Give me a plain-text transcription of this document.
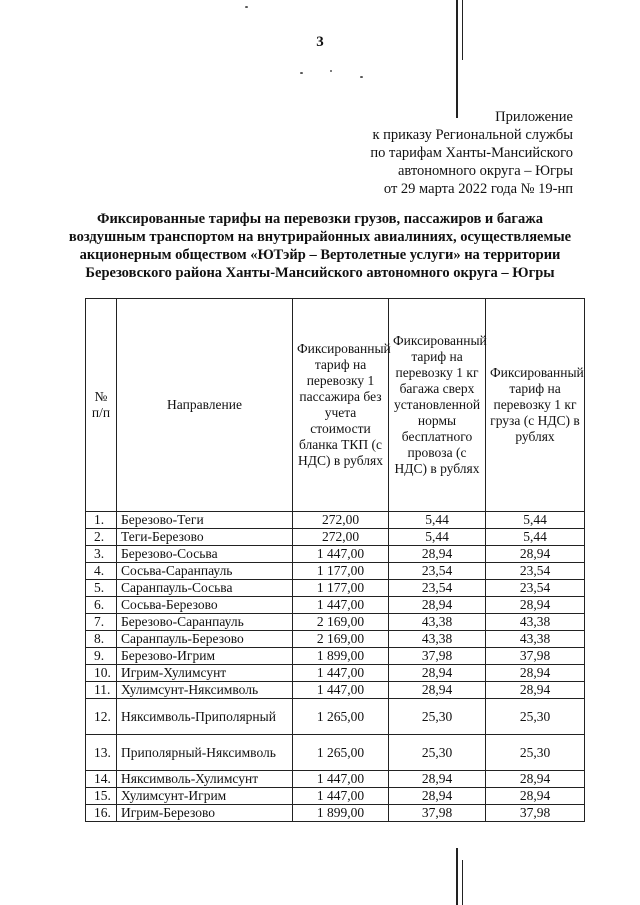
3
Приложение
к приказу Региональной службы
по тарифам Ханты-Мансийского
автономного округа – Югры
от 29 марта 2022 года № 19-нп
Фиксированные тарифы на перевозки грузов, пассажиров и багажа
воздушным транспортом на внутрирайонных авиалиниях, осуществляемые
акционерным обществом «ЮТэйр – Вертолетные услуги» на территории
Березовского района Ханты-Мансийского автономного округа – Югры
№ п/п	Направление	Фиксированный тариф на перевозку 1 пассажира без учета стоимости бланка ТКП (с НДС) в рублях	Фиксированный тариф на перевозку 1 кг багажа сверх установленной нормы бесплатного провоза (с НДС) в рублях	Фиксированный тариф на перевозку 1 кг груза (с НДС) в рублях
1.	Березово-Теги	272,00	5,44	5,44
2.	Теги-Березово	272,00	5,44	5,44
3.	Березово-Сосьва	1 447,00	28,94	28,94
4.	Сосьва-Саранпауль	1 177,00	23,54	23,54
5.	Саранпауль-Сосьва	1 177,00	23,54	23,54
6.	Сосьва-Березово	1 447,00	28,94	28,94
7.	Березово-Саранпауль	2 169,00	43,38	43,38
8.	Саранпауль-Березово	2 169,00	43,38	43,38
9.	Березово-Игрим	1 899,00	37,98	37,98
10.	Игрим-Хулимсунт	1 447,00	28,94	28,94
11.	Хулимсунт-Няксимволь	1 447,00	28,94	28,94
12.	Няксимволь-Приполярный	1 265,00	25,30	25,30
13.	Приполярный-Няксимволь	1 265,00	25,30	25,30
14.	Няксимволь-Хулимсунт	1 447,00	28,94	28,94
15.	Хулимсунт-Игрим	1 447,00	28,94	28,94
16.	Игрим-Березово	1 899,00	37,98	37,98
